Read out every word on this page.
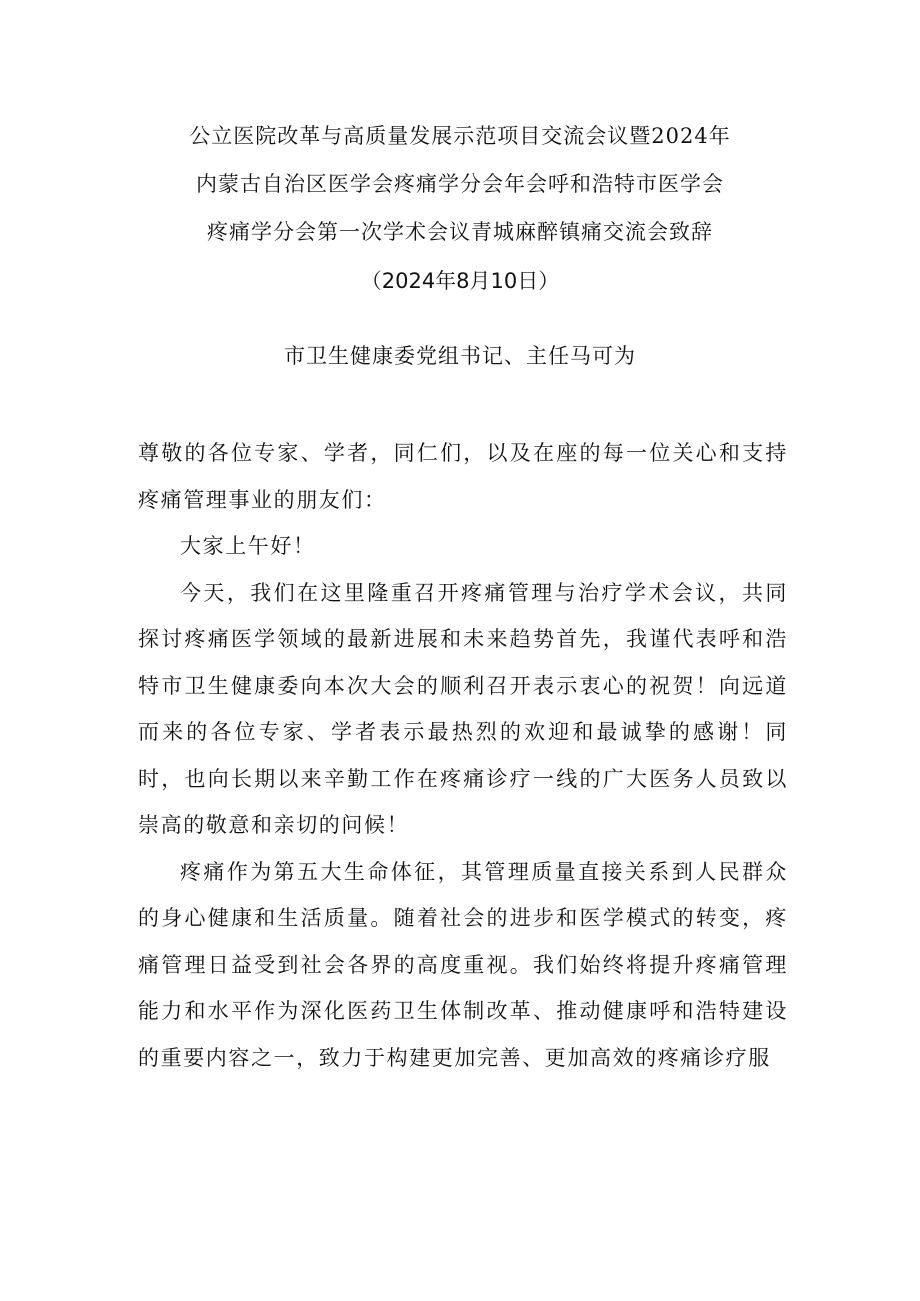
公立医院改革与高质量发展示范项目交流会议暨2024年
内蒙古自治区医学会疼痛学分会年会呼和浩特市医学会
疼痛学分会第一次学术会议青城麻醉镇痛交流会致辞
（2024年8月10日）
市卫生健康委党组书记、主任马可为

尊敬的各位专家、学者，同仁们，以及在座的每一位关心和支持疼痛管理事业的朋友们：

大家上午好！

今天，我们在这里隆重召开疼痛管理与治疗学术会议，共同探讨疼痛医学领域的最新进展和未来趋势首先，我谨代表呼和浩特市卫生健康委向本次大会的顺利召开表示衷心的祝贺！向远道而来的各位专家、学者表示最热烈的欢迎和最诚挚的感谢！同时，也向长期以来辛勤工作在疼痛诊疗一线的广大医务人员致以崇高的敬意和亲切的问候！

疼痛作为第五大生命体征，其管理质量直接关系到人民群众的身心健康和生活质量。随着社会的进步和医学模式的转变，疼痛管理日益受到社会各界的高度重视。我们始终将提升疼痛管理能力和水平作为深化医药卫生体制改革、推动健康呼和浩特建设的重要内容之一，致力于构建更加完善、更加高效的疼痛诊疗服
